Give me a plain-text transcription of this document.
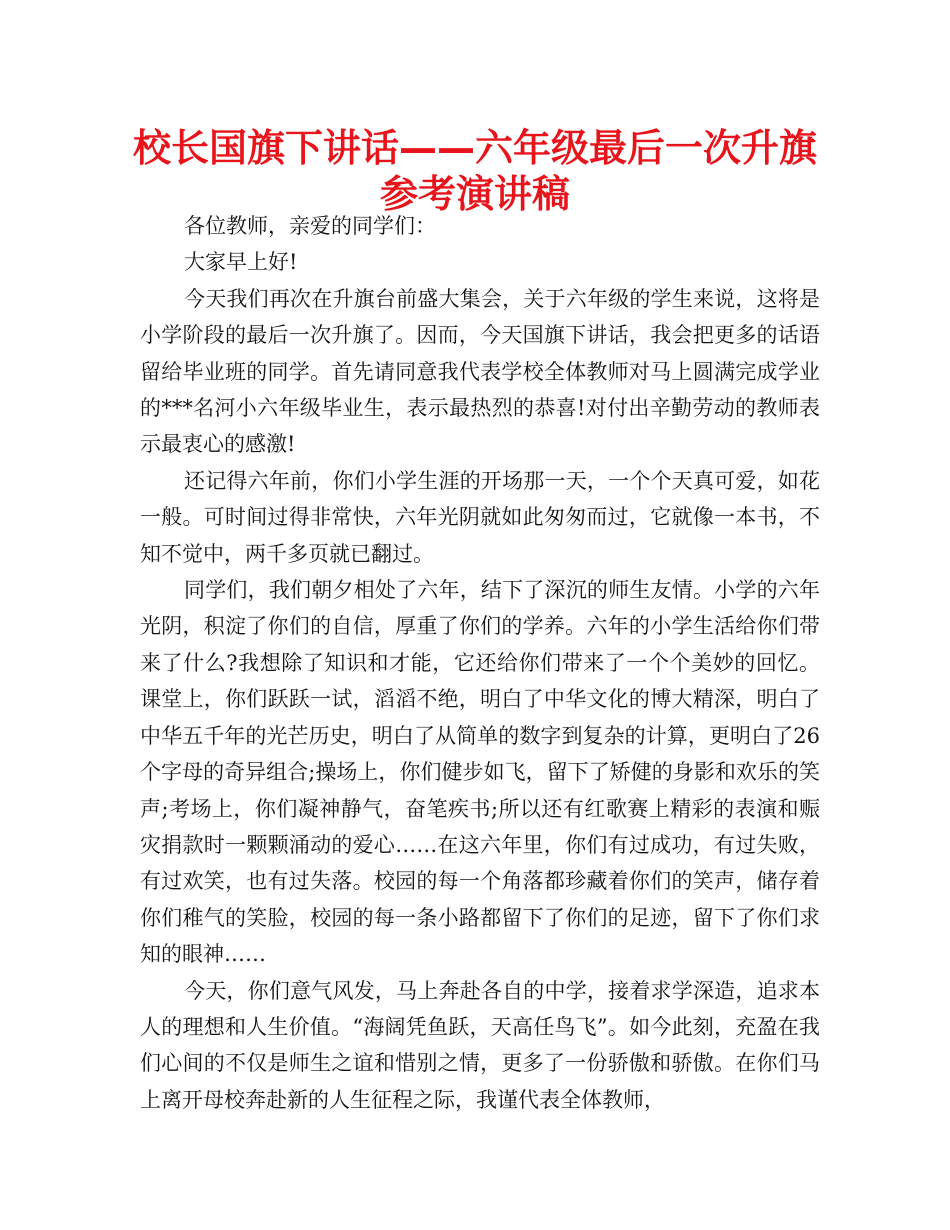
校长国旗下讲话——六年级最后一次升旗
参考演讲稿

各位教师，亲爱的同学们：

大家早上好!

今天我们再次在升旗台前盛大集会，关于六年级的学生来说，这将是小学阶段的最后一次升旗了。因而，今天国旗下讲话，我会把更多的话语留给毕业班的同学。首先请同意我代表学校全体教师对马上圆满完成学业的***名河小六年级毕业生，表示最热烈的恭喜!对付出辛勤劳动的教师表示最衷心的感激!

还记得六年前，你们小学生涯的开场那一天，一个个天真可爱，如花一般。可时间过得非常快，六年光阴就如此匆匆而过，它就像一本书，不知不觉中，两千多页就已翻过。

同学们，我们朝夕相处了六年，结下了深沉的师生友情。小学的六年光阴，积淀了你们的自信，厚重了你们的学养。六年的小学生活给你们带来了什么?我想除了知识和才能，它还给你们带来了一个个美妙的回忆。课堂上，你们跃跃一试，滔滔不绝，明白了中华文化的博大精深，明白了中华五千年的光芒历史，明白了从简单的数字到复杂的计算，更明白了26个字母的奇异组合;操场上，你们健步如飞，留下了矫健的身影和欢乐的笑声;考场上，你们凝神静气，奋笔疾书;所以还有红歌赛上精彩的表演和赈灾捐款时一颗颗涌动的爱心……在这六年里，你们有过成功，有过失败，有过欢笑，也有过失落。校园的每一个角落都珍藏着你们的笑声，储存着你们稚气的笑脸，校园的每一条小路都留下了你们的足迹，留下了你们求知的眼神……

今天，你们意气风发，马上奔赴各自的中学，接着求学深造，追求本人的理想和人生价值。“海阔凭鱼跃，天高任鸟飞”。如今此刻，充盈在我们心间的不仅是师生之谊和惜别之情，更多了一份骄傲和骄傲。在你们马上离开母校奔赴新的人生征程之际，我谨代表全体教师，
